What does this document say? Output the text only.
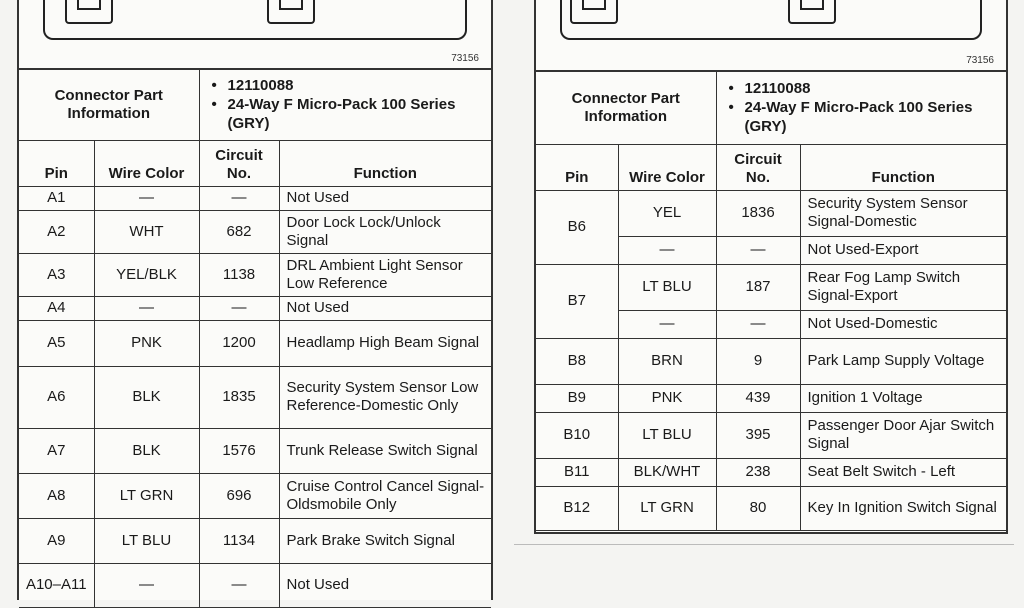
73156
Connector Part Information		• 12110088
• 24-Way F Micro-Pack 100 Series (GRY)

Pin	Wire Color	Circuit No.	Function
A1	—	—	Not Used
A2	WHT	682	Door Lock Lock/Unlock Signal
A3	YEL/BLK	1138	DRL Ambient Light Sensor Low Reference
A4	—	—	Not Used
A5	PNK	1200	Headlamp High Beam Signal
A6	BLK	1835	Security System Sensor Low Reference-Domestic Only
A7	BLK	1576	Trunk Release Switch Signal
A8	LT GRN	696	Cruise Control Cancel Signal-Oldsmobile Only
A9	LT BLU	1134	Park Brake Switch Signal
A10–A11	—	—	Not Used
73156
Connector Part Information		• 12110088
• 24-Way F Micro-Pack 100 Series (GRY)

Pin	Wire Color	Circuit No.	Function
B6	YEL	1836	Security System Sensor Signal-Domestic
	—	—	Not Used-Export
B7	LT BLU	187	Rear Fog Lamp Switch Signal-Export
	—	—	Not Used-Domestic
B8	BRN	9	Park Lamp Supply Voltage
B9	PNK	439	Ignition 1 Voltage
B10	LT BLU	395	Passenger Door Ajar Switch Signal
B11	BLK/WHT	238	Seat Belt Switch - Left
B12	LT GRN	80	Key In Ignition Switch Signal
